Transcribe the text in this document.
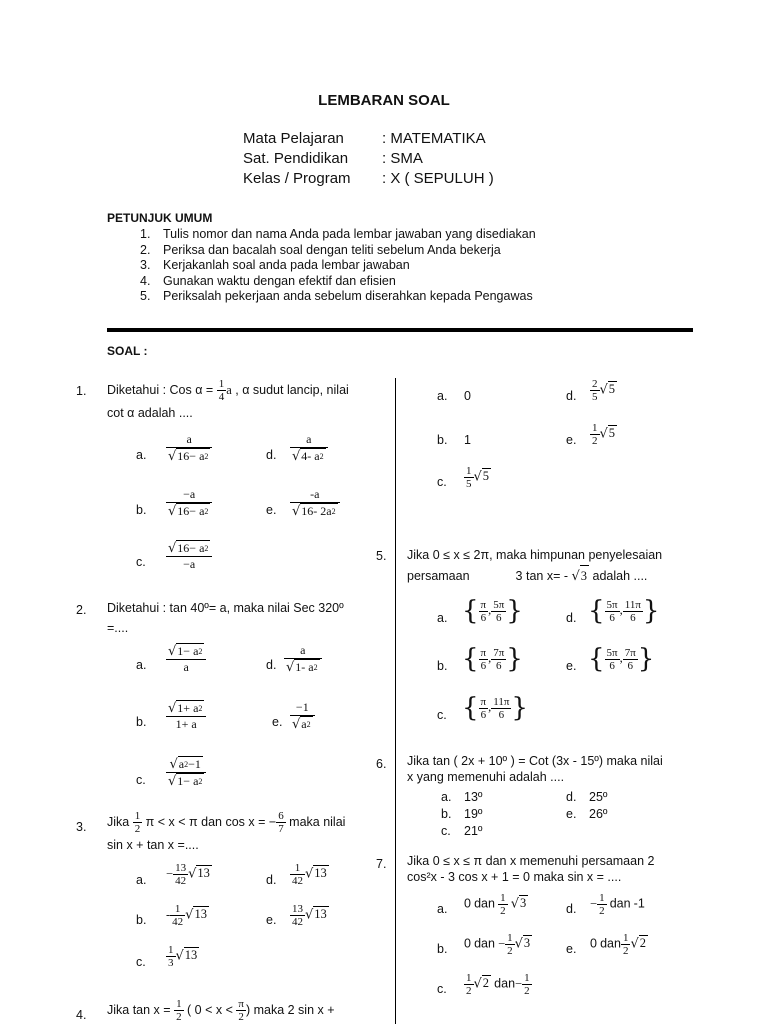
LEMBARAN SOAL
Mata Pelajaran	: MATEMATIKA
Sat. Pendidikan : SMA
Kelas / Program : X ( SEPULUH )
PETUNJUK UMUM
1. Tulis nomor dan nama Anda pada lembar jawaban yang disediakan
2. Periksa dan bacalah soal dengan teliti sebelum Anda bekerja
3. Kerjakanlah soal anda pada lembar jawaban
4. Gunakan waktu dengan efektif dan efisien
5. Periksalah pekerjaan anda sebelum diserahkan kepada Pengawas
SOAL :
1. Diketahui : Cos $\alpha = \frac{1}{4}$ a , α sudut lancip, nilai
cot α adalah ....
a. $\frac{a}{√16- a^2}$	d. $\frac{a}{√4- a^2}$
b. $\frac{-a}{√16- a^2}$	e. $\frac{-a}{√16- 2a^2}$
c. $\frac{√16- a^2}{-a}$
2. Diketahui : tan 40º= a, maka nilai Sec 320º
=....
a. $\frac{√1- a^2}{a}$	d. $\frac{a}{√1- a^2}$
b. $\frac{√1+ a^2}{1+ a}$	e. $\frac{-1}{√a^2}$
c. $\frac{√a^2-1}{√1- a^2}$
3. Jika $\frac{1}{2}$ π < x < π dan cos x = − $\frac{6}{7}$ maka nilai
sin x + tan x =....
a. − $\frac{13}{42} √13$	d. $\frac{1}{42} √13$
b. - $\frac{1}{42} √13$	e. $\frac{13}{42} √13$
c. $\frac{1}{3} √13$
4. Jika $\tan x = \frac{1}{2}$ ( $0 < x < \frac{\pi}{2}$ ) maka 2 sin x +
a. 0	d. $\frac{2}{5} √5$
b. 1	e. $\frac{1}{2} √5$
c. $\frac{1}{5} √5$
5. Jika 0 ≤ x ≤ 2π, maka himpunan penyelesaian
persamaan	3 tan x= - √3 adalah ....
a. { $\frac{\pi}{6}$ , $\frac{5\pi}{6}$ }	d. { $\frac{5\pi}{6}$ , $\frac{11\pi}{6}$ }
b. { $\frac{\pi}{6}$ , $\frac{7\pi}{6}$ }	e. { $\frac{5\pi}{6}$ , $\frac{7\pi}{6}$ }
c. { $\frac{\pi}{6}$ , $\frac{11\pi}{6}$ }
6. Jika tan ( 2x + 10º ) = Cot (3x - 15º) maka nilai
x yang memenuhi adalah ....
a. 13º	d. 25º
b. 19º	e. 26º
c. 21º
7. Jika 0 ≤ x ≤ π dan x memenuhi persamaan 2
cos²x - 3 cos x + 1 = 0 maka sin x = ....
a. 0 dan $\frac{1}{2} √3$	d. − $\frac{1}{2}$ dan -1
b. 0 dan − $\frac{1}{2} √3$	e. 0 dan $\frac{1}{2} √2$
c. $\frac{1}{2} √2$ $dan- \frac{1}{2}$
